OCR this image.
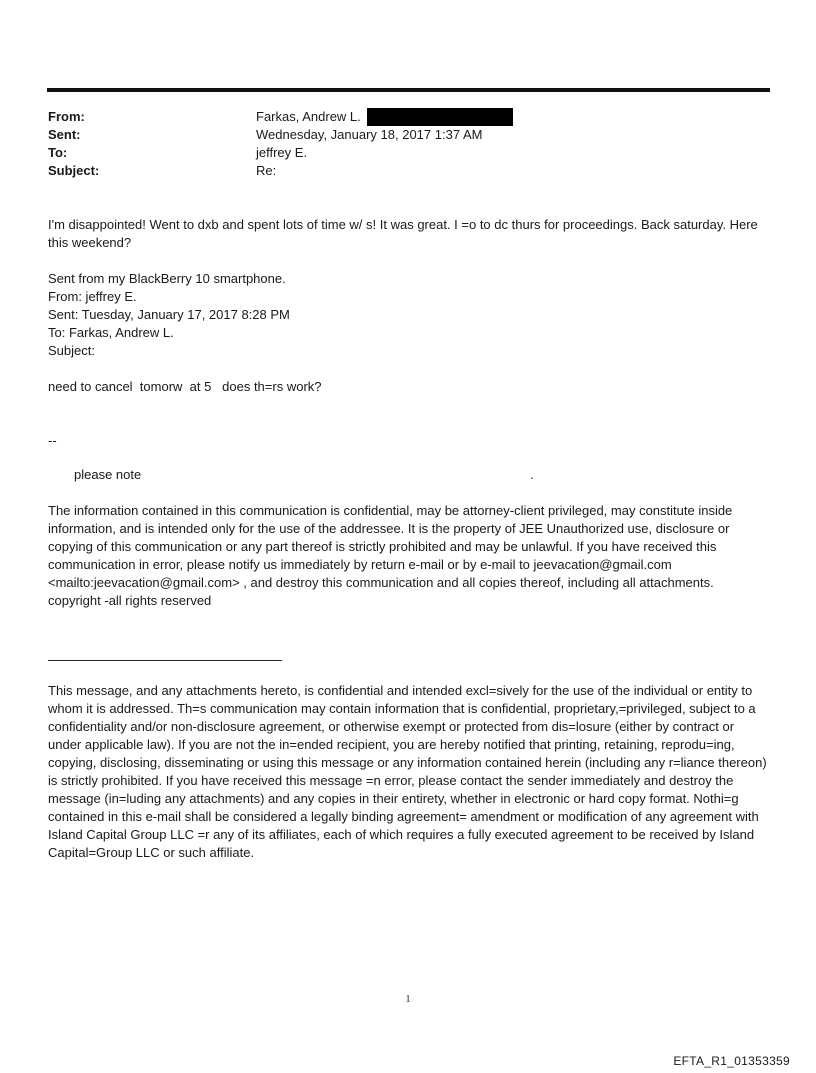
From:	Farkas, Andrew L.
Sent:	Wednesday, January 18, 2017 1:37 AM
To:	jeffrey E.
Subject:	Re:
I'm disappointed! Went to dxb and spent lots of time w/ s! It was great. I =o to dc thurs for proceedings. Back saturday. Here this weekend?
Sent from my BlackBerry 10 smartphone.
From: jeffrey E.
Sent: Tuesday, January 17, 2017 8:28 PM
To: Farkas, Andrew L.
Subject:
need to cancel  tomorw  at 5   does th=rs work?
--
please note	.
The information contained in this communication is confidential, may be attorney-client privileged, may constitute inside information, and is intended only for the use of the addressee. It is the property of JEE Unauthorized use, disclosure or copying of this communication or any part thereof is strictly prohibited and may be unlawful. If you have received this communication in error, please notify us immediately by return e-mail or by e-mail to jeevacation@gmail.com <mailto:jeevacation@gmail.com> , and destroy this communication and all copies thereof, including all attachments. copyright -all rights reserved
This message, and any attachments hereto, is confidential and intended excl=sively for the use of the individual or entity to whom it is addressed. Th=s communication may contain information that is confidential, proprietary,=privileged, subject to a confidentiality and/or non-disclosure agreement, or otherwise exempt or protected from dis=losure (either by contract or under applicable law). If you are not the in=ended recipient, you are hereby notified that printing, retaining, reprodu=ing, copying, disclosing, disseminating or using this message or any information contained herein (including any r=liance thereon) is strictly prohibited. If you have received this message =n error, please contact the sender immediately and destroy the message (in=luding any attachments) and any copies in their entirety, whether in electronic or hard copy format. Nothi=g contained in this e-mail shall be considered a legally binding agreement= amendment or modification of any agreement with Island Capital Group LLC =r any of its affiliates, each of which requires a fully executed agreement to be received by Island Capital=Group LLC or such affiliate.
1
EFTA_R1_01353359
